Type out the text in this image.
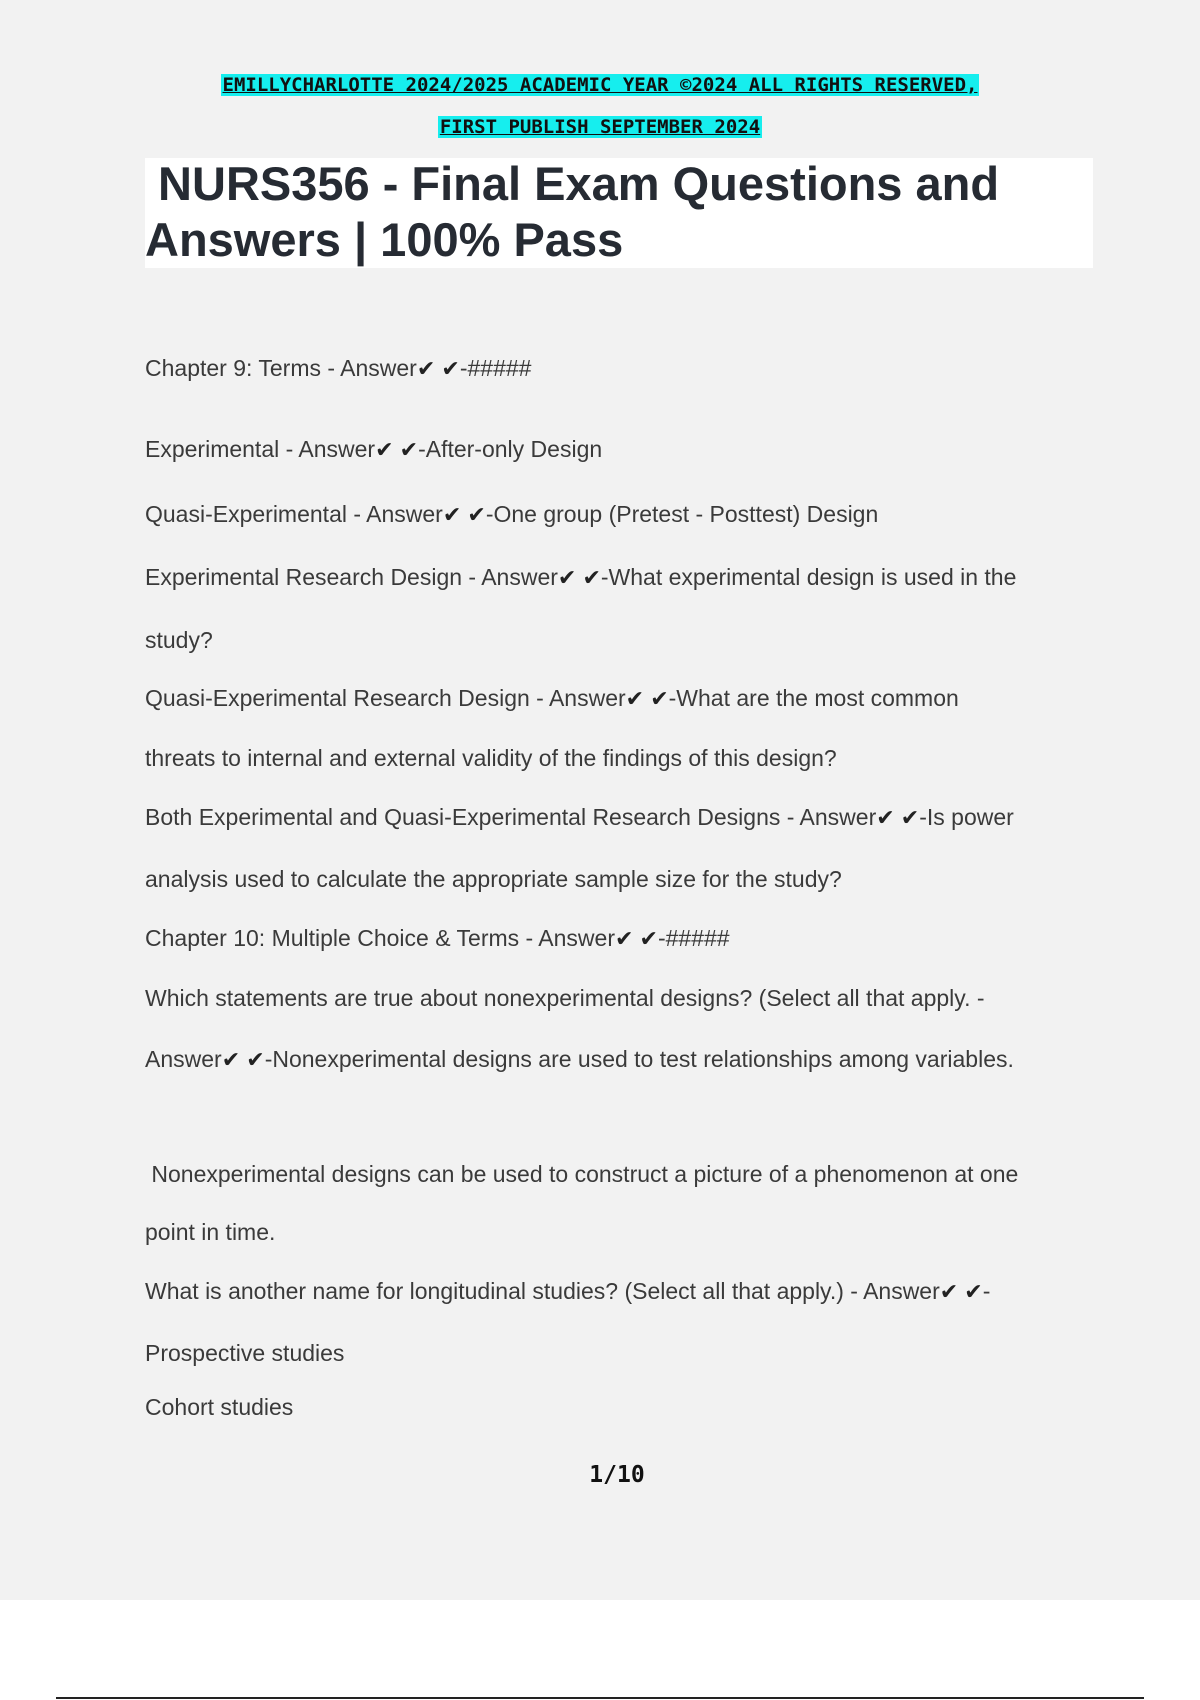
EMILLYCHARLOTTE 2024/2025 ACADEMIC YEAR ©2024 ALL RIGHTS RESERVED,
FIRST PUBLISH SEPTEMBER 2024
NURS356 - Final Exam Questions and
Answers | 100% Pass
Chapter 9: Terms - Answer✔ ✔-#####
Experimental - Answer✔ ✔-After-only Design
Quasi-Experimental - Answer✔ ✔-One group (Pretest - Posttest) Design
Experimental Research Design - Answer✔ ✔-What experimental design is used in the
study?
Quasi-Experimental Research Design - Answer✔ ✔-What are the most common
threats to internal and external validity of the findings of this design?
Both Experimental and Quasi-Experimental Research Designs - Answer✔ ✔-Is power
analysis used to calculate the appropriate sample size for the study?
Chapter 10: Multiple Choice & Terms - Answer✔ ✔-#####
Which statements are true about nonexperimental designs? (Select all that apply. -
Answer✔ ✔-Nonexperimental designs are used to test relationships among variables.
Nonexperimental designs can be used to construct a picture of a phenomenon at one
point in time.
What is another name for longitudinal studies? (Select all that apply.) - Answer✔ ✔-
Prospective studies
Cohort studies
1/10
